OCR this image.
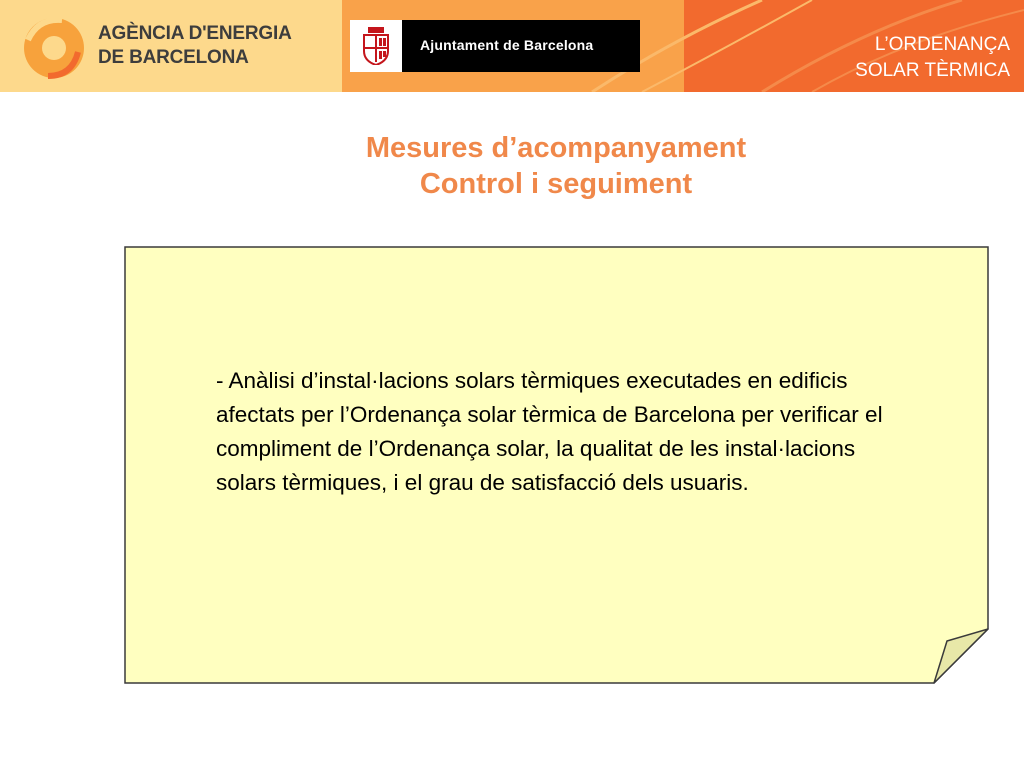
AGÈNCIA D'ENERGIA
DE BARCELONA
Ajuntament de Barcelona	L’ORDENANÇA
SOLAR TÈRMICA
Mesures d’acompanyament
Control i seguiment
- Anàlisi d’instal·lacions solars tèrmiques executades en edificis afectats per l’Ordenança solar tèrmica de Barcelona per verificar el compliment de l’Ordenança solar, la qualitat de les instal·lacions solars tèrmiques, i el grau de satisfacció dels usuaris.
